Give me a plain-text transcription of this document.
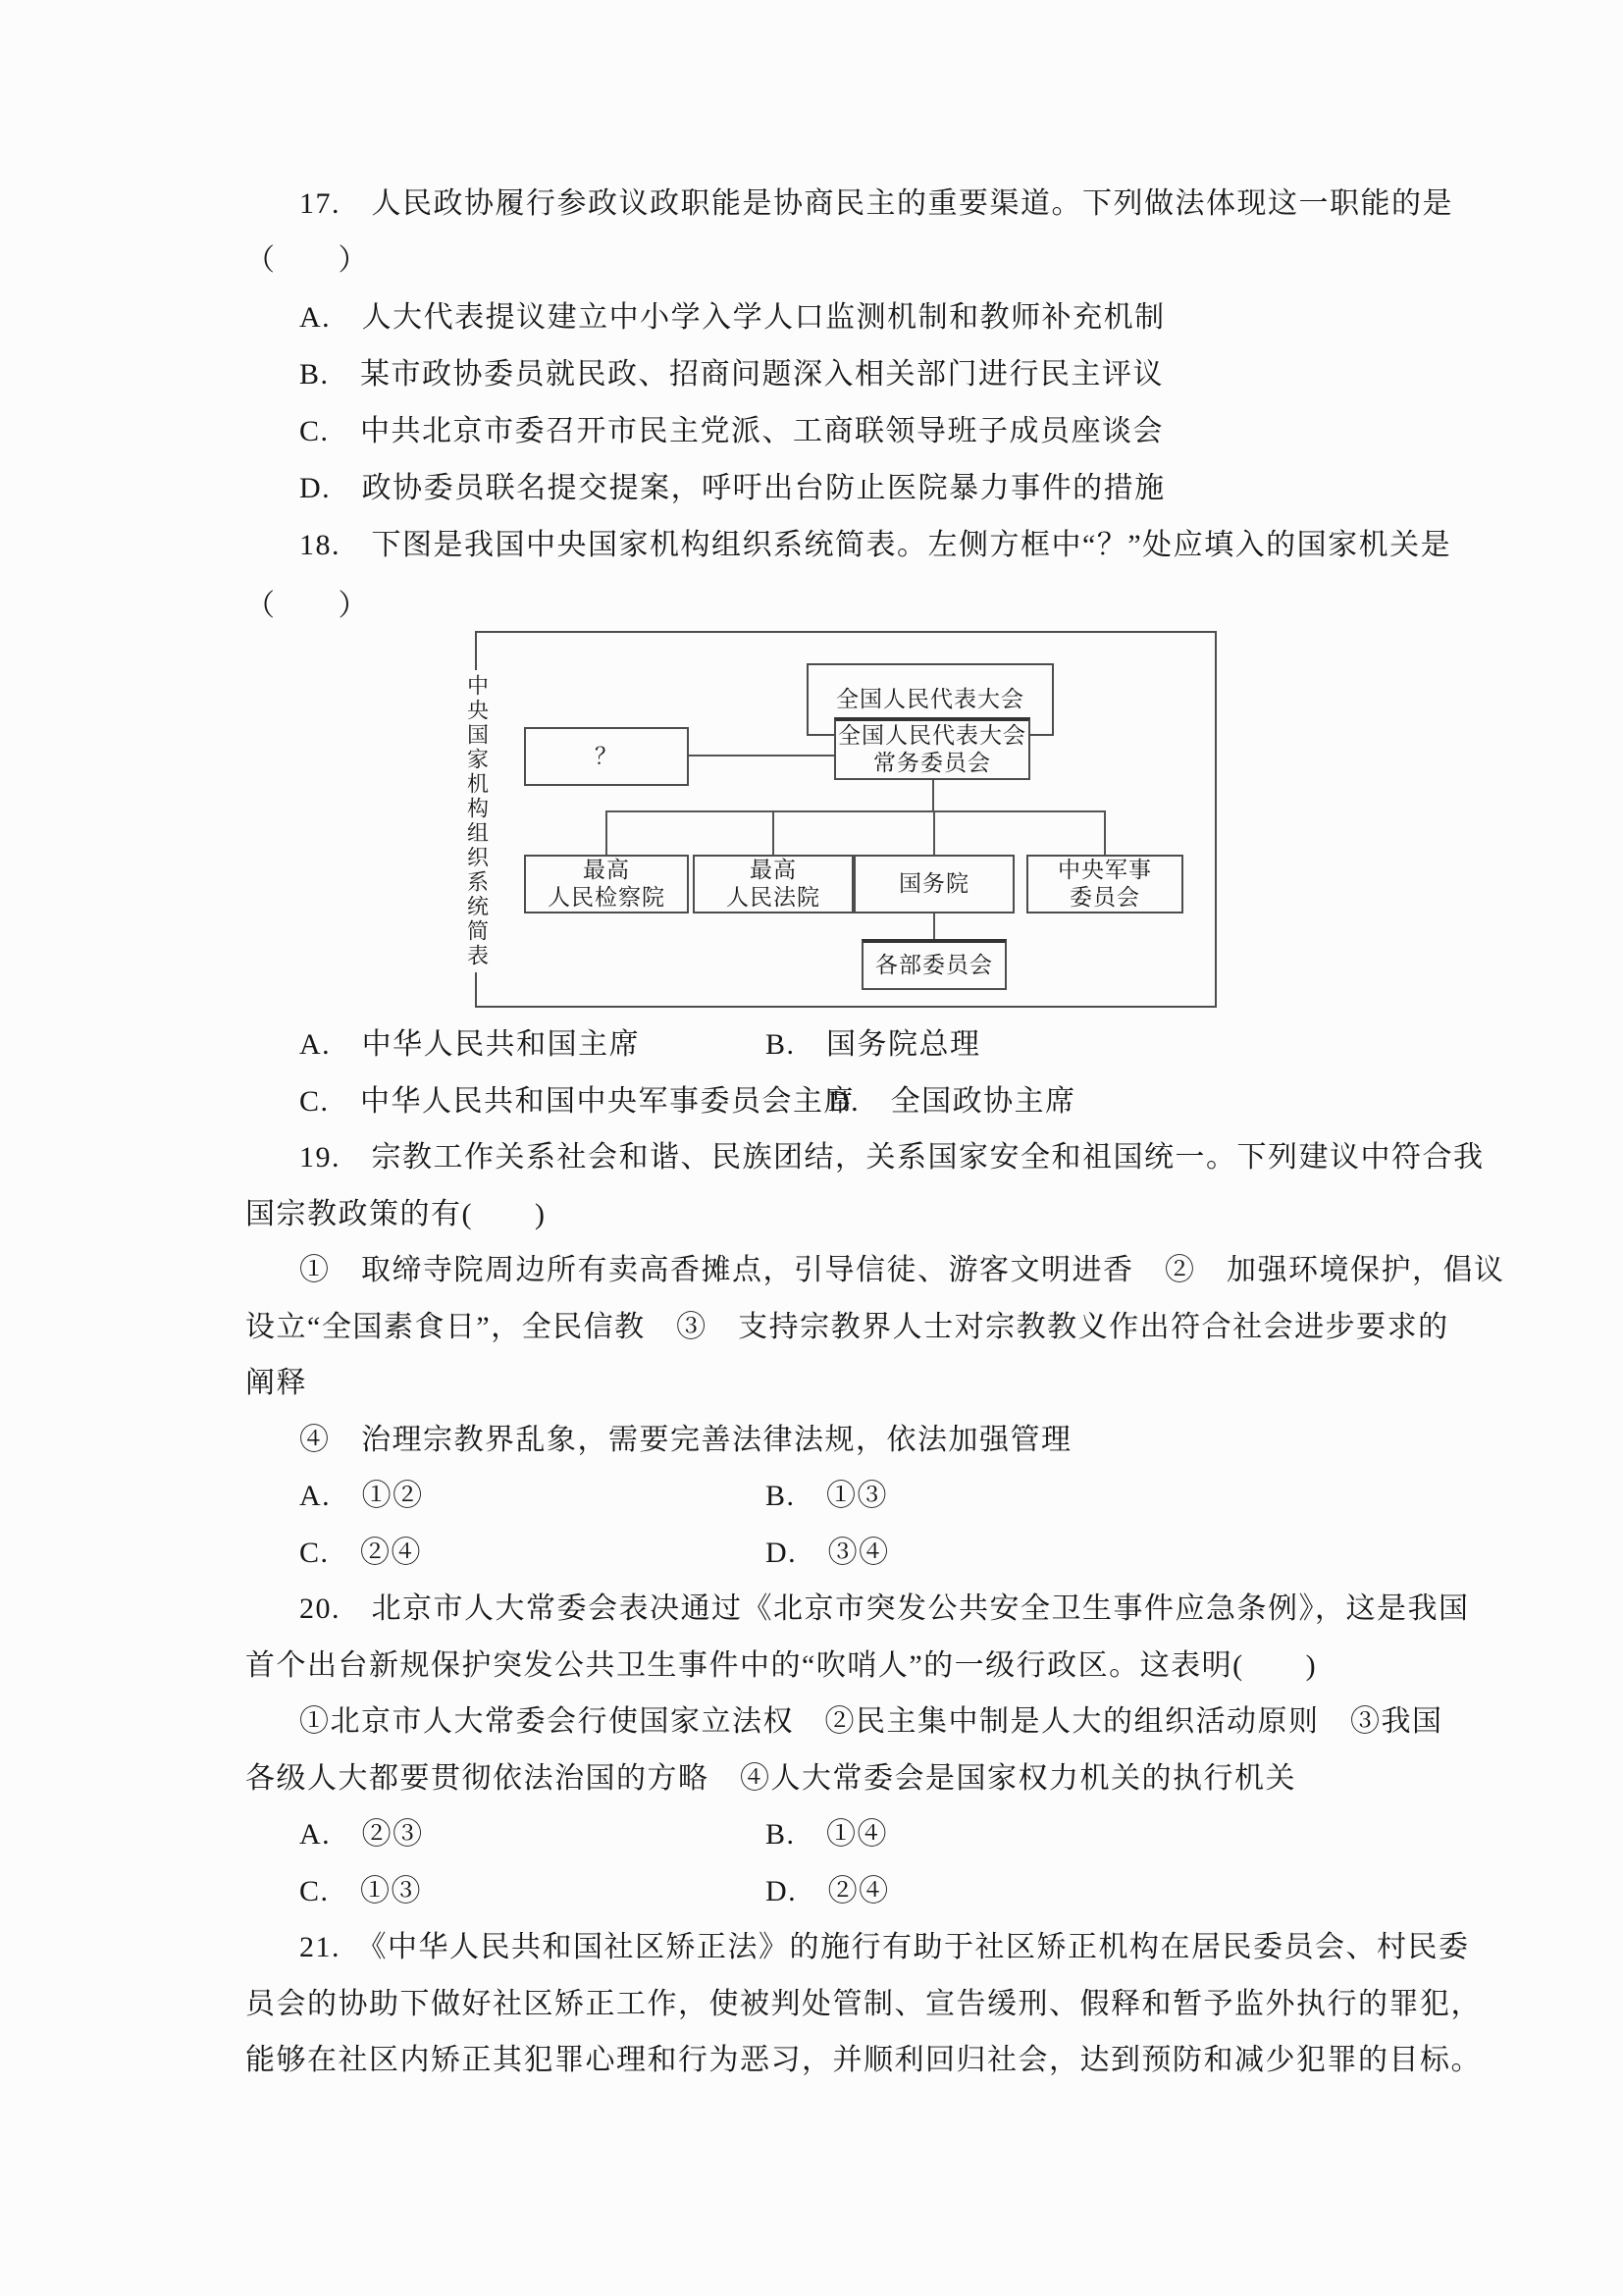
17.　人民政协履行参政议政职能是协商民主的重要渠道。下列做法体现这一职能的是
（　　）
A.　人大代表提议建立中小学入学人口监测机制和教师补充机制
B.　某市政协委员就民政、招商问题深入相关部门进行民主评议
C.　中共北京市委召开市民主党派、工商联领导班子成员座谈会
D.　政协委员联名提交提案，呼吁出台防止医院暴力事件的措施
18.　下图是我国中央国家机构组织系统简表。左侧方框中“？”处应填入的国家机关是
（　　）
中央国家机构组织系统简表	全国人民代表大会
全国人民代表大会
常务委员会
？
最高
人民检察院
最高
人民法院
国务院
中央军事
委员会
各部委员会
A.　中华人民共和国主席	B.　国务院总理
C.　中华人民共和国中央军事委员会主席
D.　全国政协主席
19.　宗教工作关系社会和谐、民族团结，关系国家安全和祖国统一。下列建议中符合我
国宗教政策的有(　　)
①　取缔寺院周边所有卖高香摊点，引导信徒、游客文明进香　②　加强环境保护，倡议
设立“全国素食日”，全民信教　③　支持宗教界人士对宗教教义作出符合社会进步要求的
阐释
④　治理宗教界乱象，需要完善法律法规，依法加强管理
A.　①②	B.　①③
C.　②④	D.　③④
20.　北京市人大常委会表决通过《北京市突发公共安全卫生事件应急条例》，这是我国
首个出台新规保护突发公共卫生事件中的“吹哨人”的一级行政区。这表明(　　)
①北京市人大常委会行使国家立法权　②民主集中制是人大的组织活动原则　③我国
各级人大都要贯彻依法治国的方略　④人大常委会是国家权力机关的执行机关
A.　②③	B.　①④
C.　①③	D.　②④
21.　《中华人民共和国社区矫正法》的施行有助于社区矫正机构在居民委员会、村民委
员会的协助下做好社区矫正工作，使被判处管制、宣告缓刑、假释和暂予监外执行的罪犯，
能够在社区内矫正其犯罪心理和行为恶习，并顺利回归社会，达到预防和减少犯罪的目标。
